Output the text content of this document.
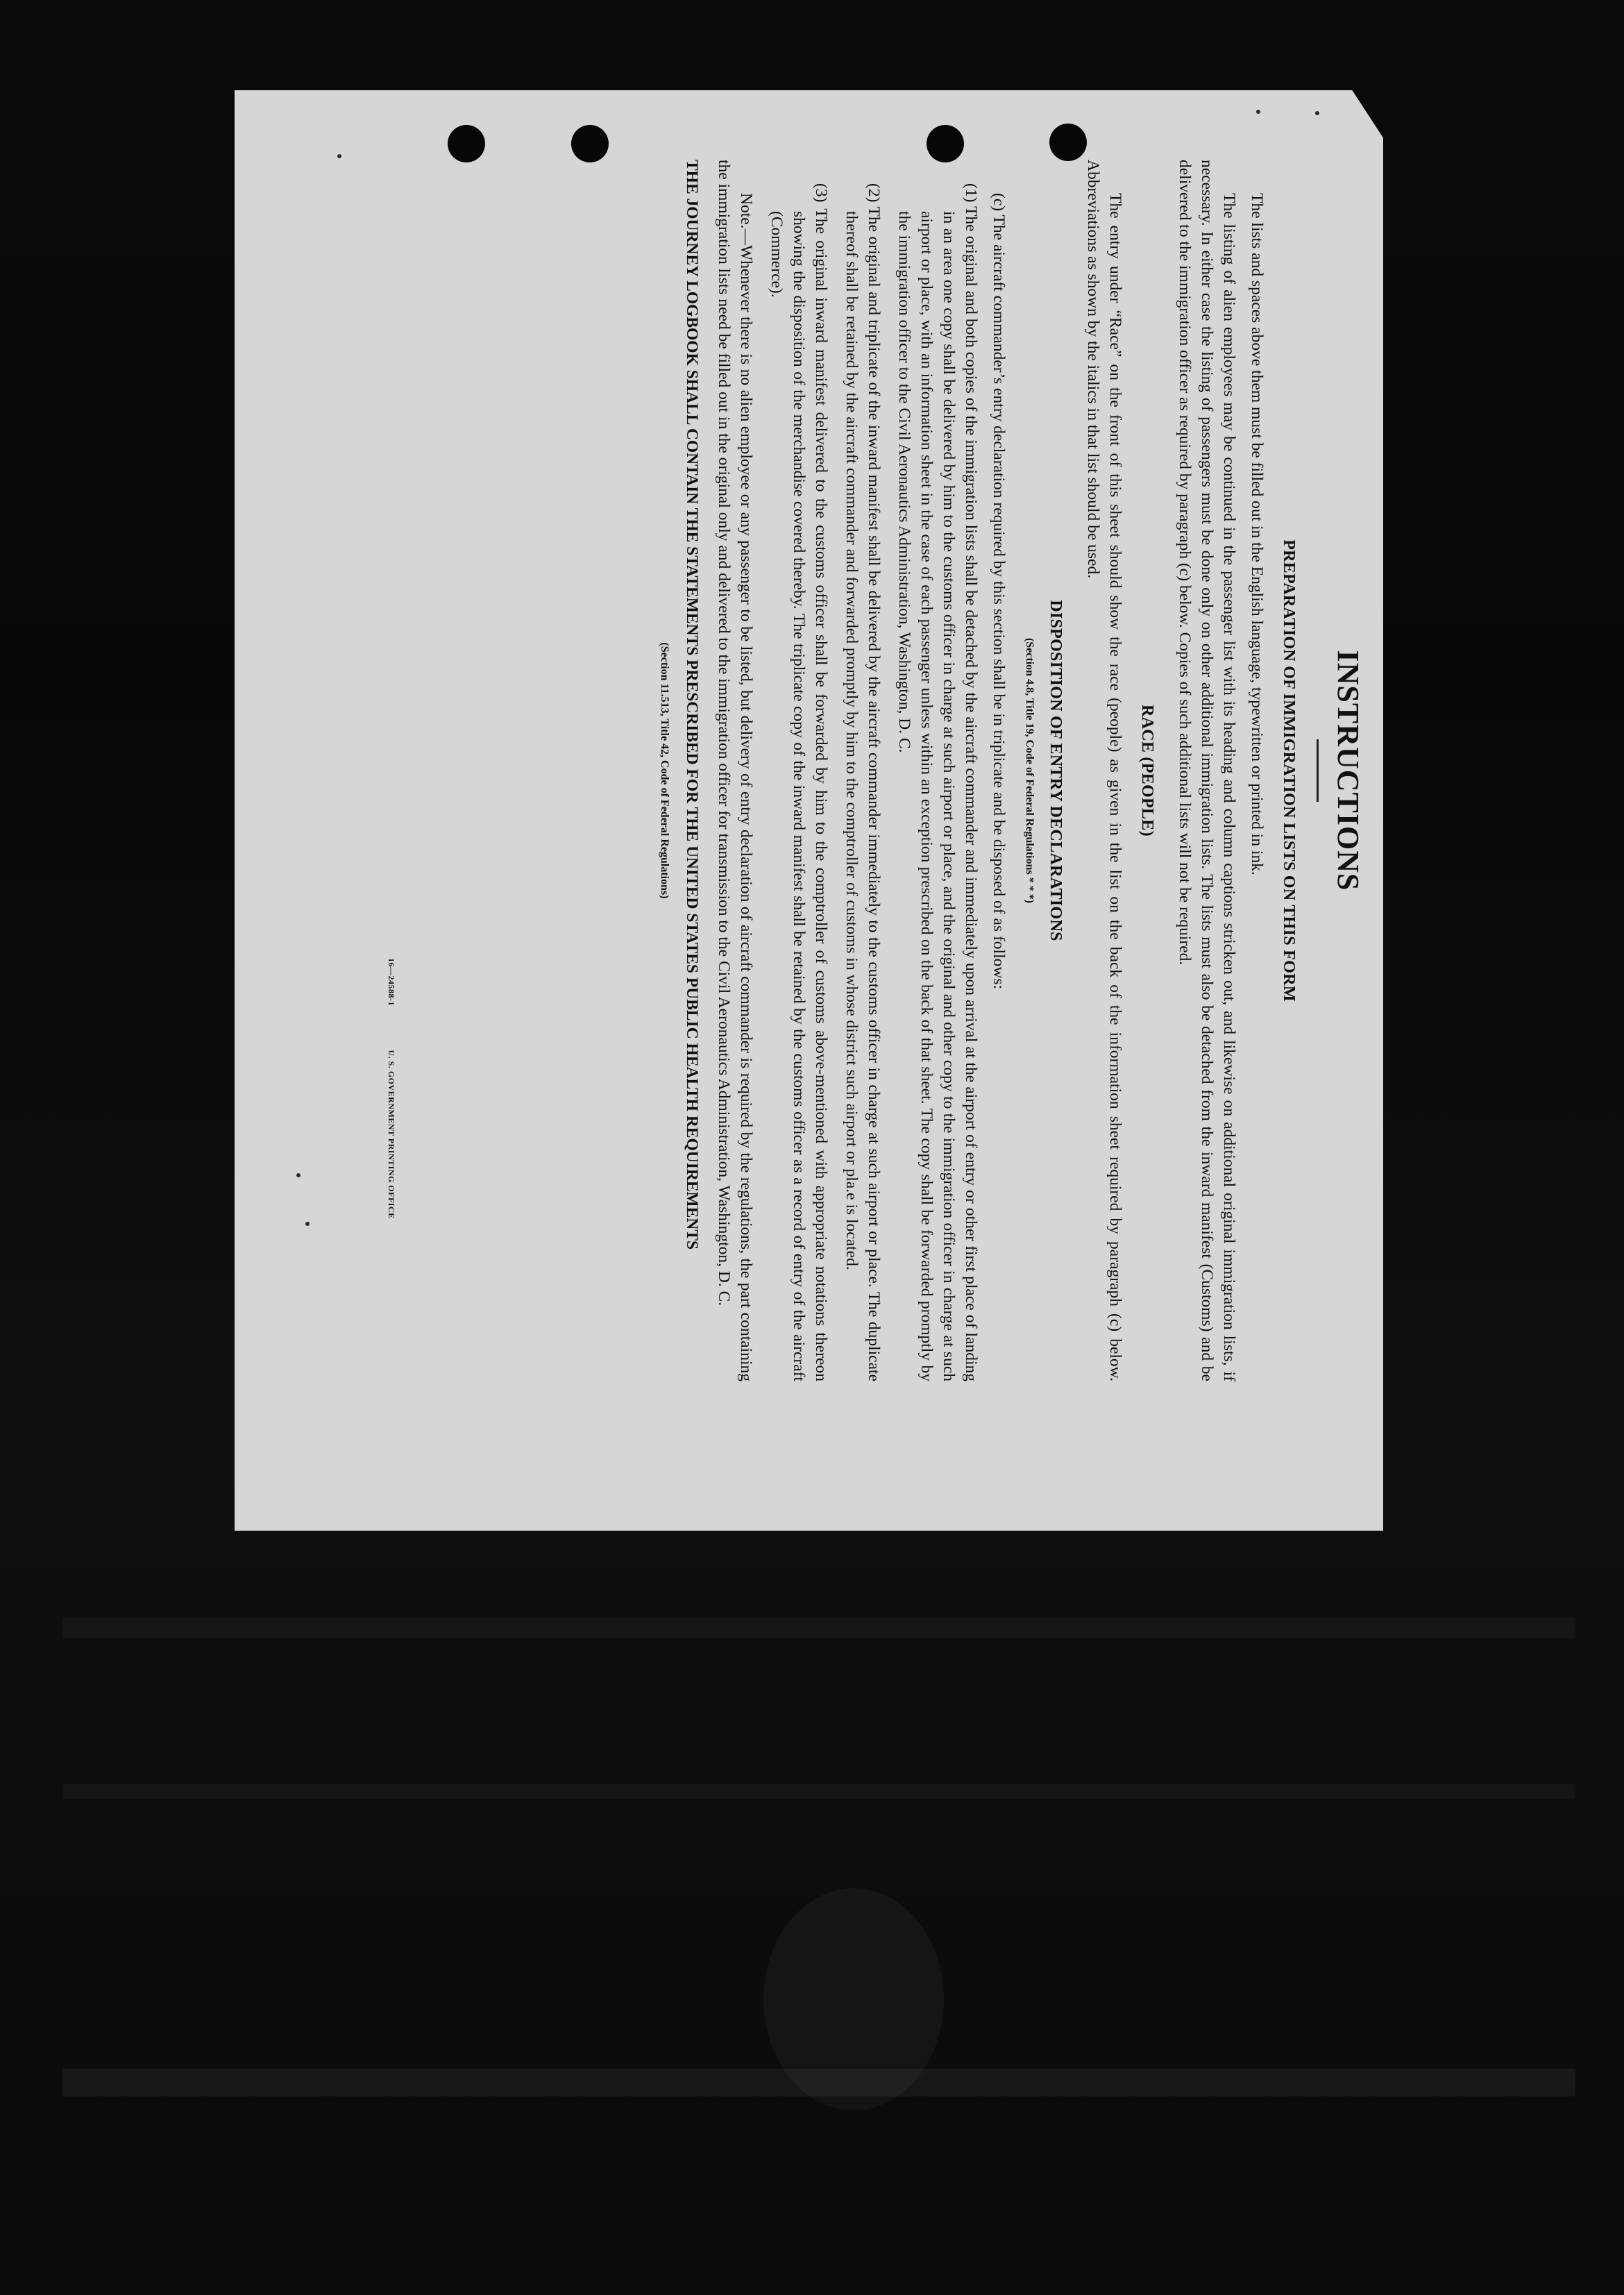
INSTRUCTIONS
PREPARATION OF IMMIGRATION LISTS ON THIS FORM

The lists and spaces above them must be filled out in the English language, typewritten or printed in ink.

The listing of alien employees may be continued in the passenger list with its heading and column captions stricken out, and likewise on additional original immigration lists, if necessary. In either case the listing of passengers must be done only on other additional immigration lists. The lists must also be detached from the inward manifest (Customs) and be delivered to the immigration officer as required by paragraph (c) below. Copies of such additional lists will not be required.

RACE (PEOPLE)

The entry under “Race” on the front of this sheet should show the race (people) as given in the list on the back of the information sheet required by paragraph (c) below. Abbreviations as shown by the italics in that list should be used.

DISPOSITION OF ENTRY DECLARATIONS
(Section 4.8, Title 19, Code of Federal Regulations * * *)

(c) The aircraft commander’s entry declaration required by this section shall be in triplicate and be disposed of as follows:

(1) The original and both copies of the immigration lists shall be detached by the aircraft commander and immediately upon arrival at the airport of entry or other first place of landing in an area one copy shall be delivered by him to the customs officer in charge at such airport or place, and the original and other copy to the immigration officer in charge at such airport or place, with an information sheet in the case of each passenger unless within an exception prescribed on the back of that sheet. The copy shall be forwarded promptly by the immigration officer to the Civil Aeronautics Administration, Washington, D. C.

(2) The original and triplicate of the inward manifest shall be delivered by the aircraft commander immediately to the customs officer in charge at such airport or place. The duplicate thereof shall be retained by the aircraft commander and forwarded promptly by him to the comptroller of customs in whose district such airport or pla.e is located.

(3) The original inward manifest delivered to the customs officer shall be forwarded by him to the comptroller of customs above-mentioned with appropriate notations thereon showing the disposition of the merchandise covered thereby. The triplicate copy of the inward manifest shall be retained by the customs officer as a record of entry of the aircraft (Commerce).

Note.—Whenever there is no alien employee or any passenger to be listed, but delivery of entry declaration of aircraft commander is required by the regulations, the part containing the immigration lists need be filled out in the original only and delivered to the immigration officer for transmission to the Civil Aeronautics Administration, Washington, D. C.

THE JOURNEY LOGBOOK SHALL CONTAIN THE STATEMENTS PRESCRIBED FOR THE UNITED STATES PUBLIC HEALTH REQUIREMENTS

(Section 11.513, Title 42, Code of Federal Regulations)
16—24588-1 U. S. GOVERNMENT PRINTING OFFICE
